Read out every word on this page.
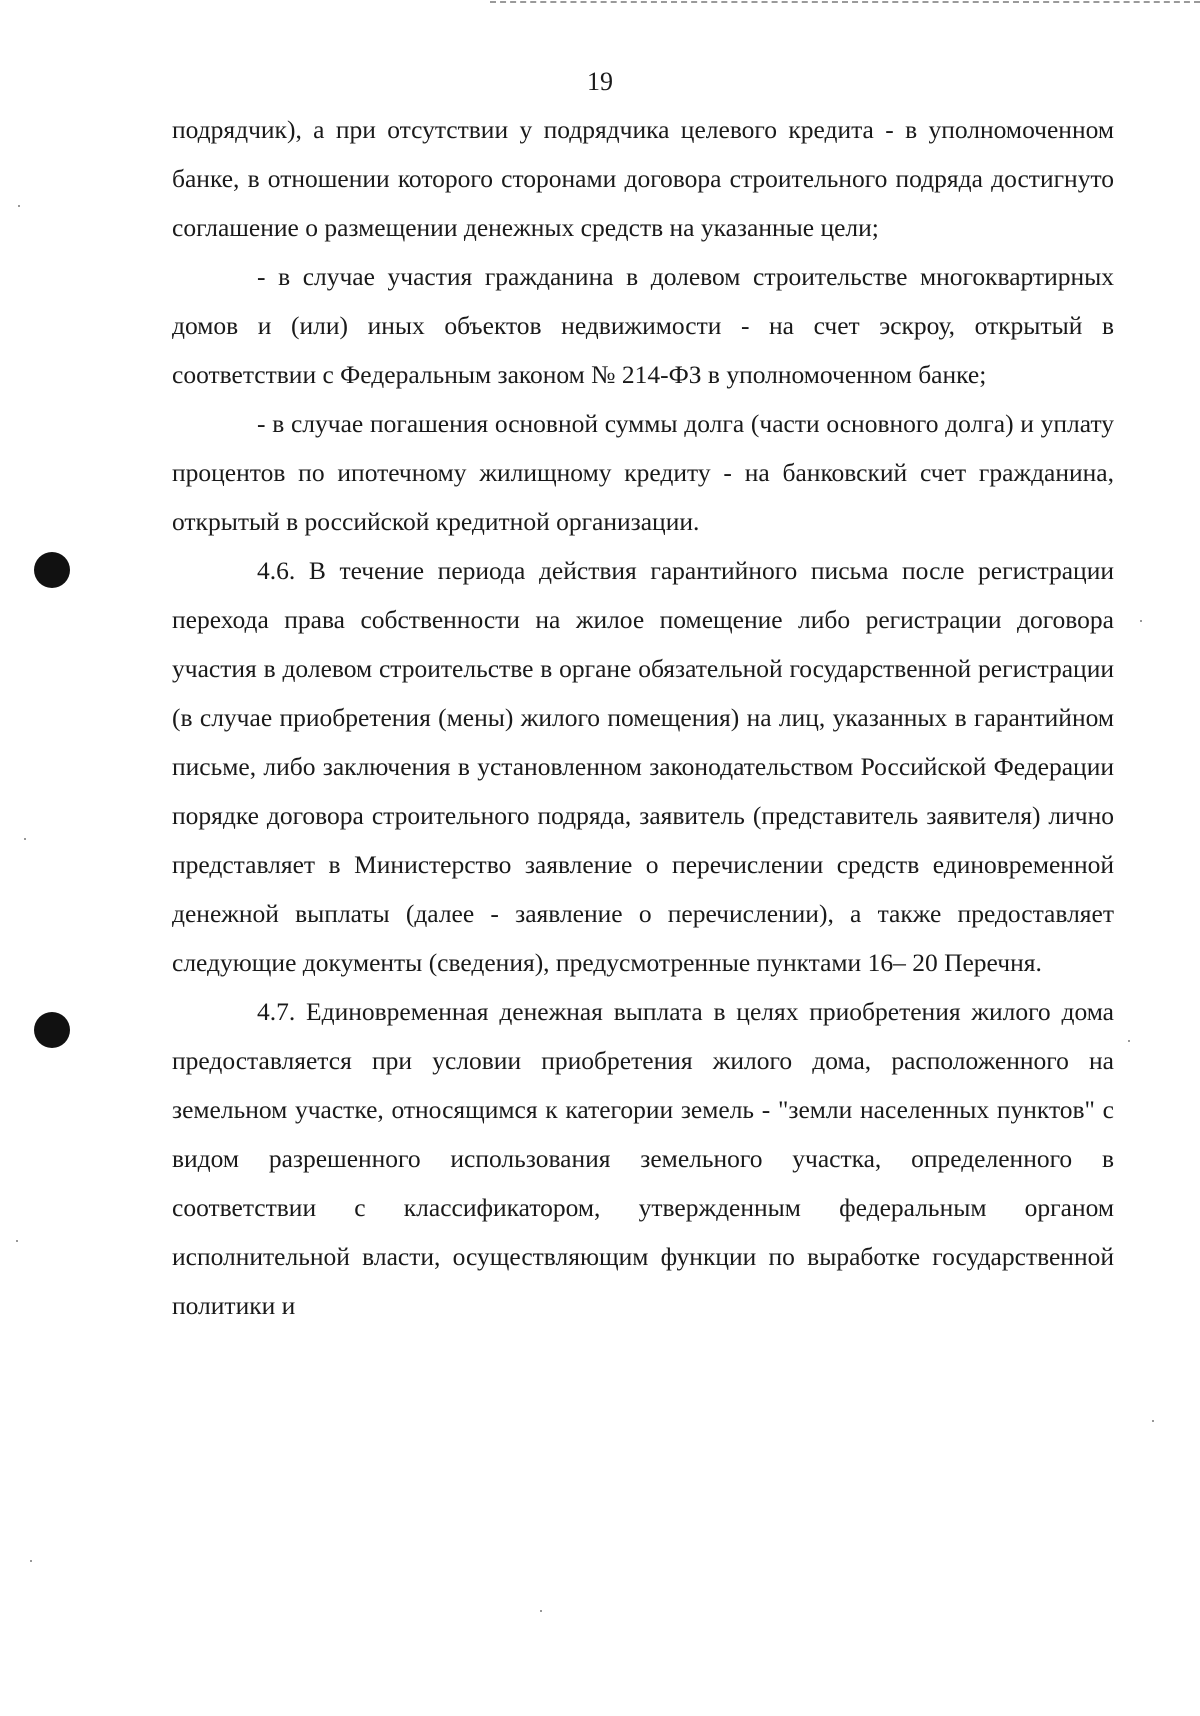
19

подрядчик), а при отсутствии у подрядчика целевого кредита - в уполномоченном банке, в отношении которого сторонами договора строительного подряда достигнуто соглашение о размещении денежных средств на указанные цели;

- в случае участия гражданина в долевом строительстве многоквартирных домов и (или) иных объектов недвижимости - на счет эскроу, открытый в соответствии с Федеральным законом № 214-ФЗ в уполномоченном банке;

- в случае погашения основной суммы долга (части основного долга) и уплату процентов по ипотечному жилищному кредиту - на банковский счет гражданина, открытый в российской кредитной организации.

4.6. В течение периода действия гарантийного письма после регистрации перехода права собственности на жилое помещение либо регистрации договора участия в долевом строительстве в органе обязательной государственной регистрации (в случае приобретения (мены) жилого помещения) на лиц, указанных в гарантийном письме, либо заключения в установленном законодательством Российской Федерации порядке договора строительного подряда, заявитель (представитель заявителя) лично представляет в Министерство заявление о перечислении средств единовременной денежной выплаты (далее - заявление о перечислении), а также предоставляет следующие документы (сведения), предусмотренные пунктами 16– 20 Перечня.

4.7. Единовременная денежная выплата в целях приобретения жилого дома предоставляется при условии приобретения жилого дома, расположенного на земельном участке, относящимся к категории земель - "земли населенных пунктов" с видом разрешенного использования земельного участка, определенного в соответствии с классификатором, утвержденным федеральным органом исполнительной власти, осуществляющим функции по выработке государственной политики и
